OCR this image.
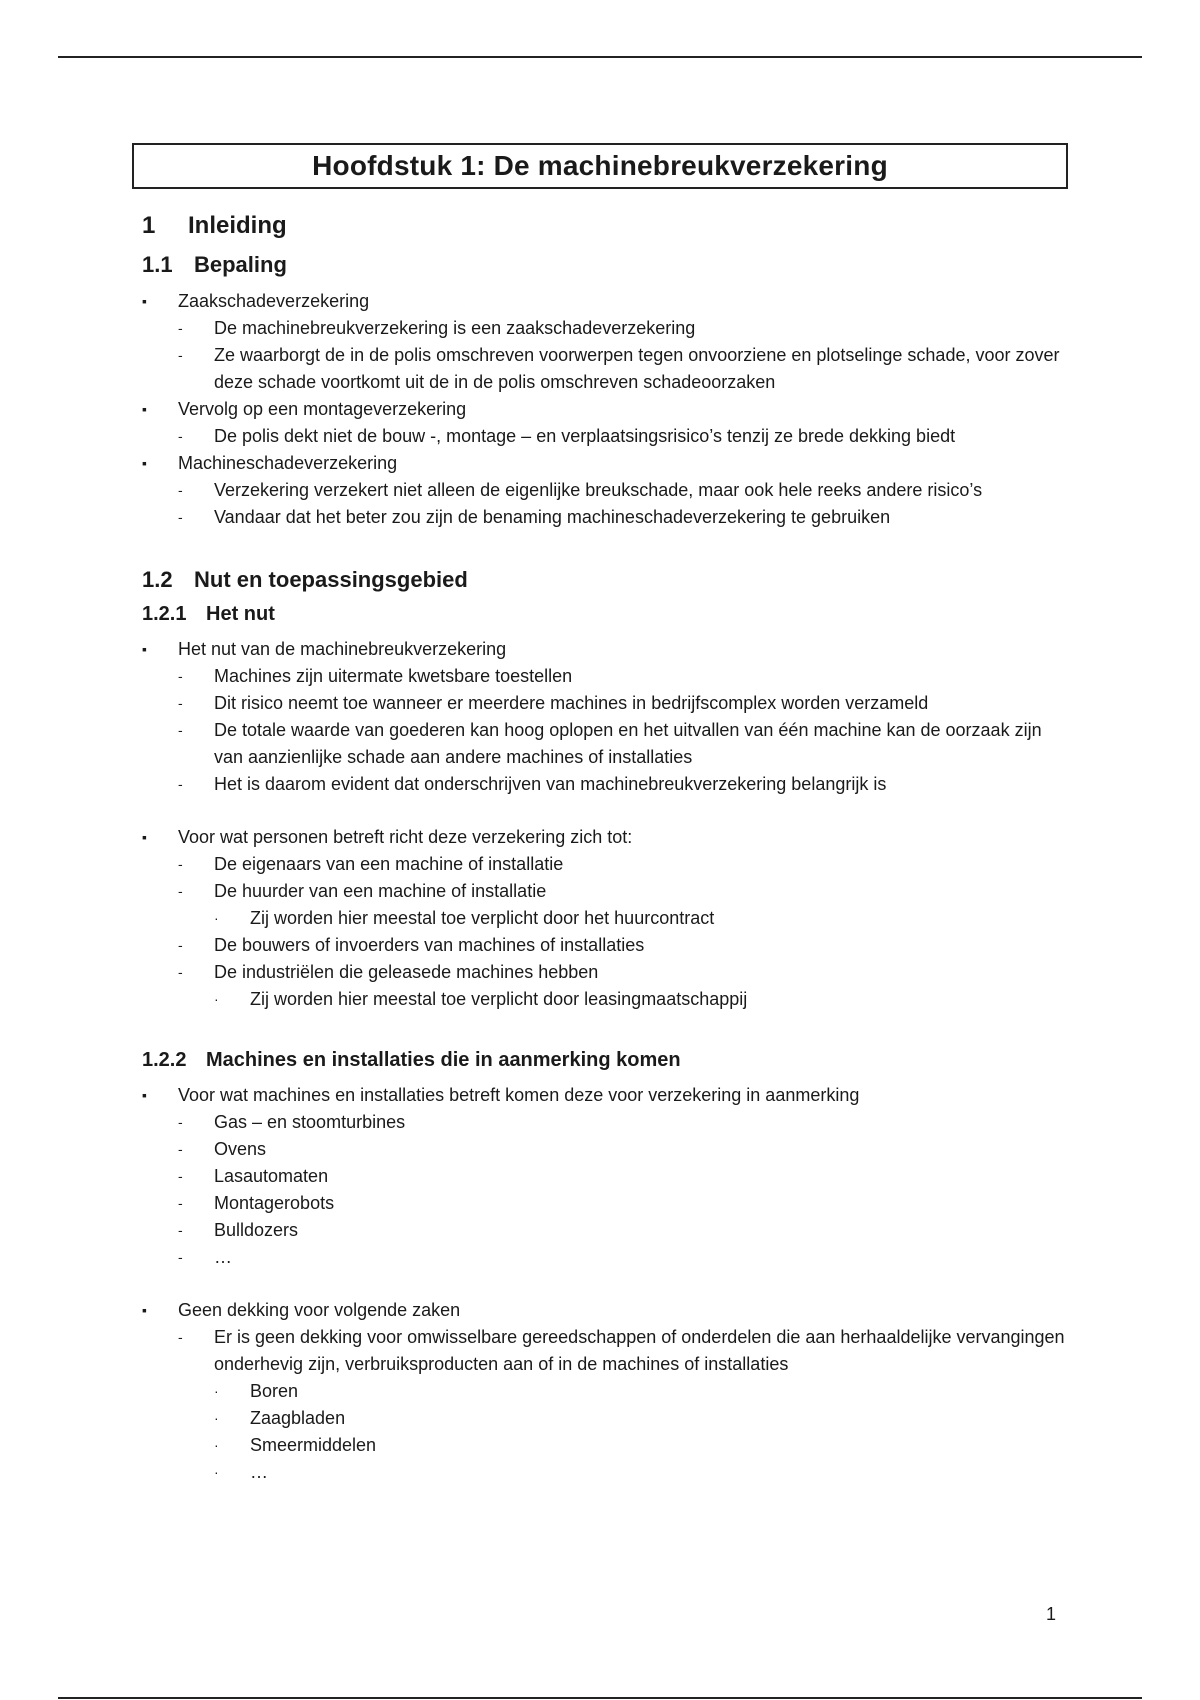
Hoofdstuk 1: De machinebreukverzekering
1	Inleiding
1.1 Bepaling
▪	Zaakschadeverzekering
-	De machinebreukverzekering is een zaakschadeverzekering
-	Ze waarborgt de in de polis omschreven voorwerpen tegen onvoorziene en plotselinge schade, voor zover deze schade voortkomt uit de in de polis omschreven schadeoorzaken
▪	Vervolg op een montageverzekering
-	De polis dekt niet de bouw -, montage – en verplaatsingsrisico’s tenzij ze brede dekking biedt
▪	Machineschadeverzekering
-	Verzekering verzekert niet alleen de eigenlijke breukschade, maar ook hele reeks andere risico’s
-	Vandaar dat het beter zou zijn de benaming machineschadeverzekering te gebruiken
1.2 Nut en toepassingsgebied
1.2.1 Het nut
▪	Het nut van de machinebreukverzekering
-	Machines zijn uitermate kwetsbare toestellen
-	Dit risico neemt toe wanneer er meerdere machines in bedrijfscomplex worden verzameld
-	De totale waarde van goederen kan hoog oplopen en het uitvallen van één machine kan de oorzaak zijn van aanzienlijke schade aan andere machines of installaties
-	Het is daarom evident dat onderschrijven van machinebreukverzekering belangrijk is
▪	Voor wat personen betreft richt deze verzekering zich tot:
-	De eigenaars van een machine of installatie
-	De huurder van een machine of installatie
·	Zij worden hier meestal toe verplicht door het huurcontract
-	De bouwers of invoerders van machines of installaties
-	De industriëlen die geleasede machines hebben
·	Zij worden hier meestal toe verplicht door leasingmaatschappij
1.2.2 Machines en installaties die in aanmerking komen
▪	Voor wat machines en installaties betreft komen deze voor verzekering in aanmerking
-	Gas – en stoomturbines
-	Ovens
-	Lasautomaten
-	Montagerobots
-	Bulldozers
-	…
▪	Geen dekking voor volgende zaken
-	Er is geen dekking voor omwisselbare gereedschappen of onderdelen die aan herhaaldelijke vervangingen onderhevig zijn, verbruiksproducten aan of in de machines of installaties
·	Boren
·	Zaagbladen
·	Smeermiddelen
·	…
1
